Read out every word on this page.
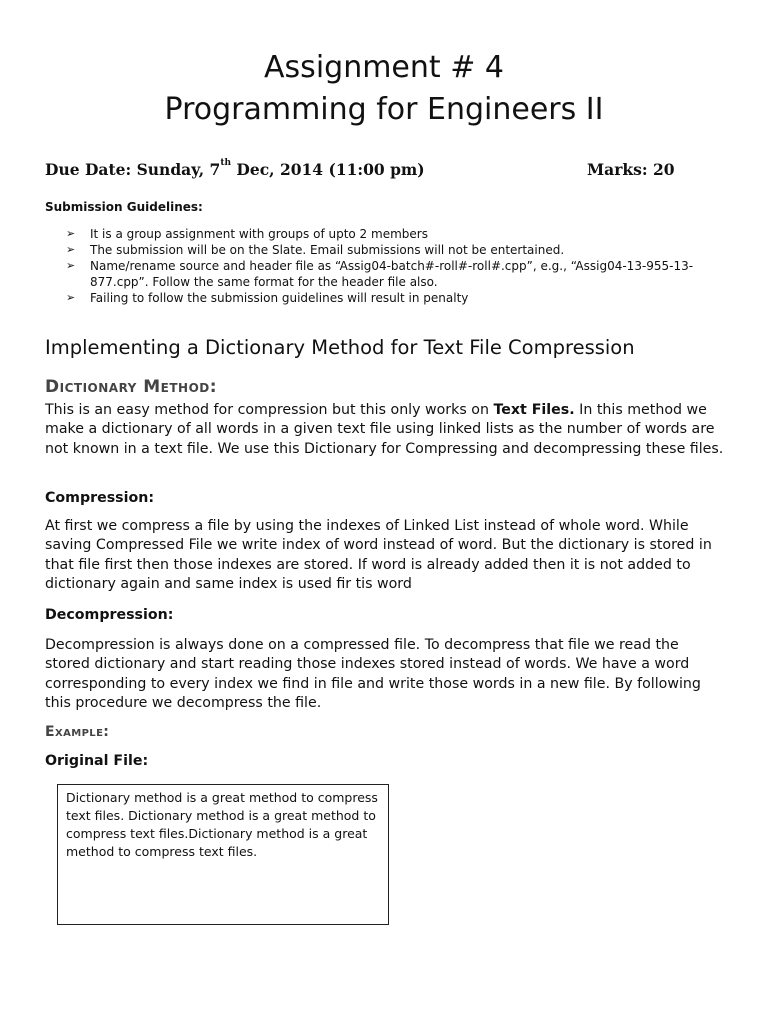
Assignment # 4
Programming for Engineers II
Due Date: Sunday, 7th Dec, 2014 (11:00 pm)	Marks: 20
Submission Guidelines:
➢ It is a group assignment with groups of upto 2 members
➢ The submission will be on the Slate. Email submissions will not be entertained.
➢ Name/rename source and header file as “Assig04-batch#-roll#-roll#.cpp”, e.g., “Assig04-13-955-13-877.cpp”. Follow the same format for the header file also.
➢ Failing to follow the submission guidelines will result in penalty
Implementing a Dictionary Method for Text File Compression
Dictionary Method:

This is an easy method for compression but this only works on Text Files. In this method we make a dictionary of all words in a given text file using linked lists as the number of words are not known in a text file. We use this Dictionary for Compressing and decompressing these files.

Compression:

At first we compress a file by using the indexes of Linked List instead of whole word. While saving Compressed File we write index of word instead of word. But the dictionary is stored in that file first then those indexes are stored. If word is already added then it is not added to dictionary again and same index is used fir tis word

Decompression:

Decompression is always done on a compressed file. To decompress that file we read the stored dictionary and start reading those indexes stored instead of words. We have a word corresponding to every index we find in file and write those words in a new file. By following this procedure we decompress the file.

Example:
Original File:

Dictionary method is a great method to compress text files. Dictionary method is a great method to compress text files.Dictionary method is a great method to compress text files.
